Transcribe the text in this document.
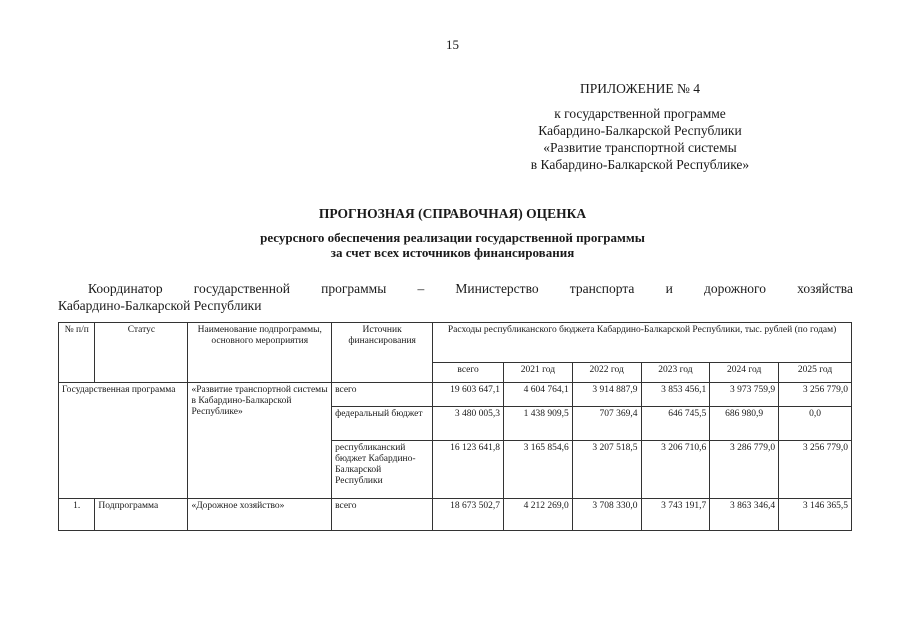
15
ПРИЛОЖЕНИЕ № 4
к государственной программе
Кабардино-Балкарской Республики
«Развитие транспортной системы
в Кабардино-Балкарской Республике»
ПРОГНОЗНАЯ (СПРАВОЧНАЯ) ОЦЕНКА
ресурсного обеспечения реализации государственной программы
за счет всех источников финансирования
Координатор государственной программы – Министерство транспорта и дорожного хозяйства
Кабардино-Балкарской Республики
№ п/п	Статус	Наименование подпрограммы, основного мероприятия	Источник финансирования	Расходы республиканского бюджета Кабардино-Балкарской Республики, тыс. рублей (по годам)					
				всего	2021 год	2022 год	2023 год	2024 год	2025 год
Государственная программа		«Развитие транспортной системы в Кабардино-Балкарской Республике»	всего	19 603 647,1	4 604 764,1	3 914 887,9	3 853 456,1	3 973 759,9	3 256 779,0
			федеральный бюджет	3 480 005,3	1 438 909,5	707 369,4	646 745,5	686 980,9	0,0
			республиканский бюджет Кабардино-Балкарской Республики	16 123 641,8	3 165 854,6	3 207 518,5	3 206 710,6	3 286 779,0	3 256 779,0
1.	Подпрограмма	«Дорожное хозяйство»	всего	18 673 502,7	4 212 269,0	3 708 330,0	3 743 191,7	3 863 346,4	3 146 365,5
